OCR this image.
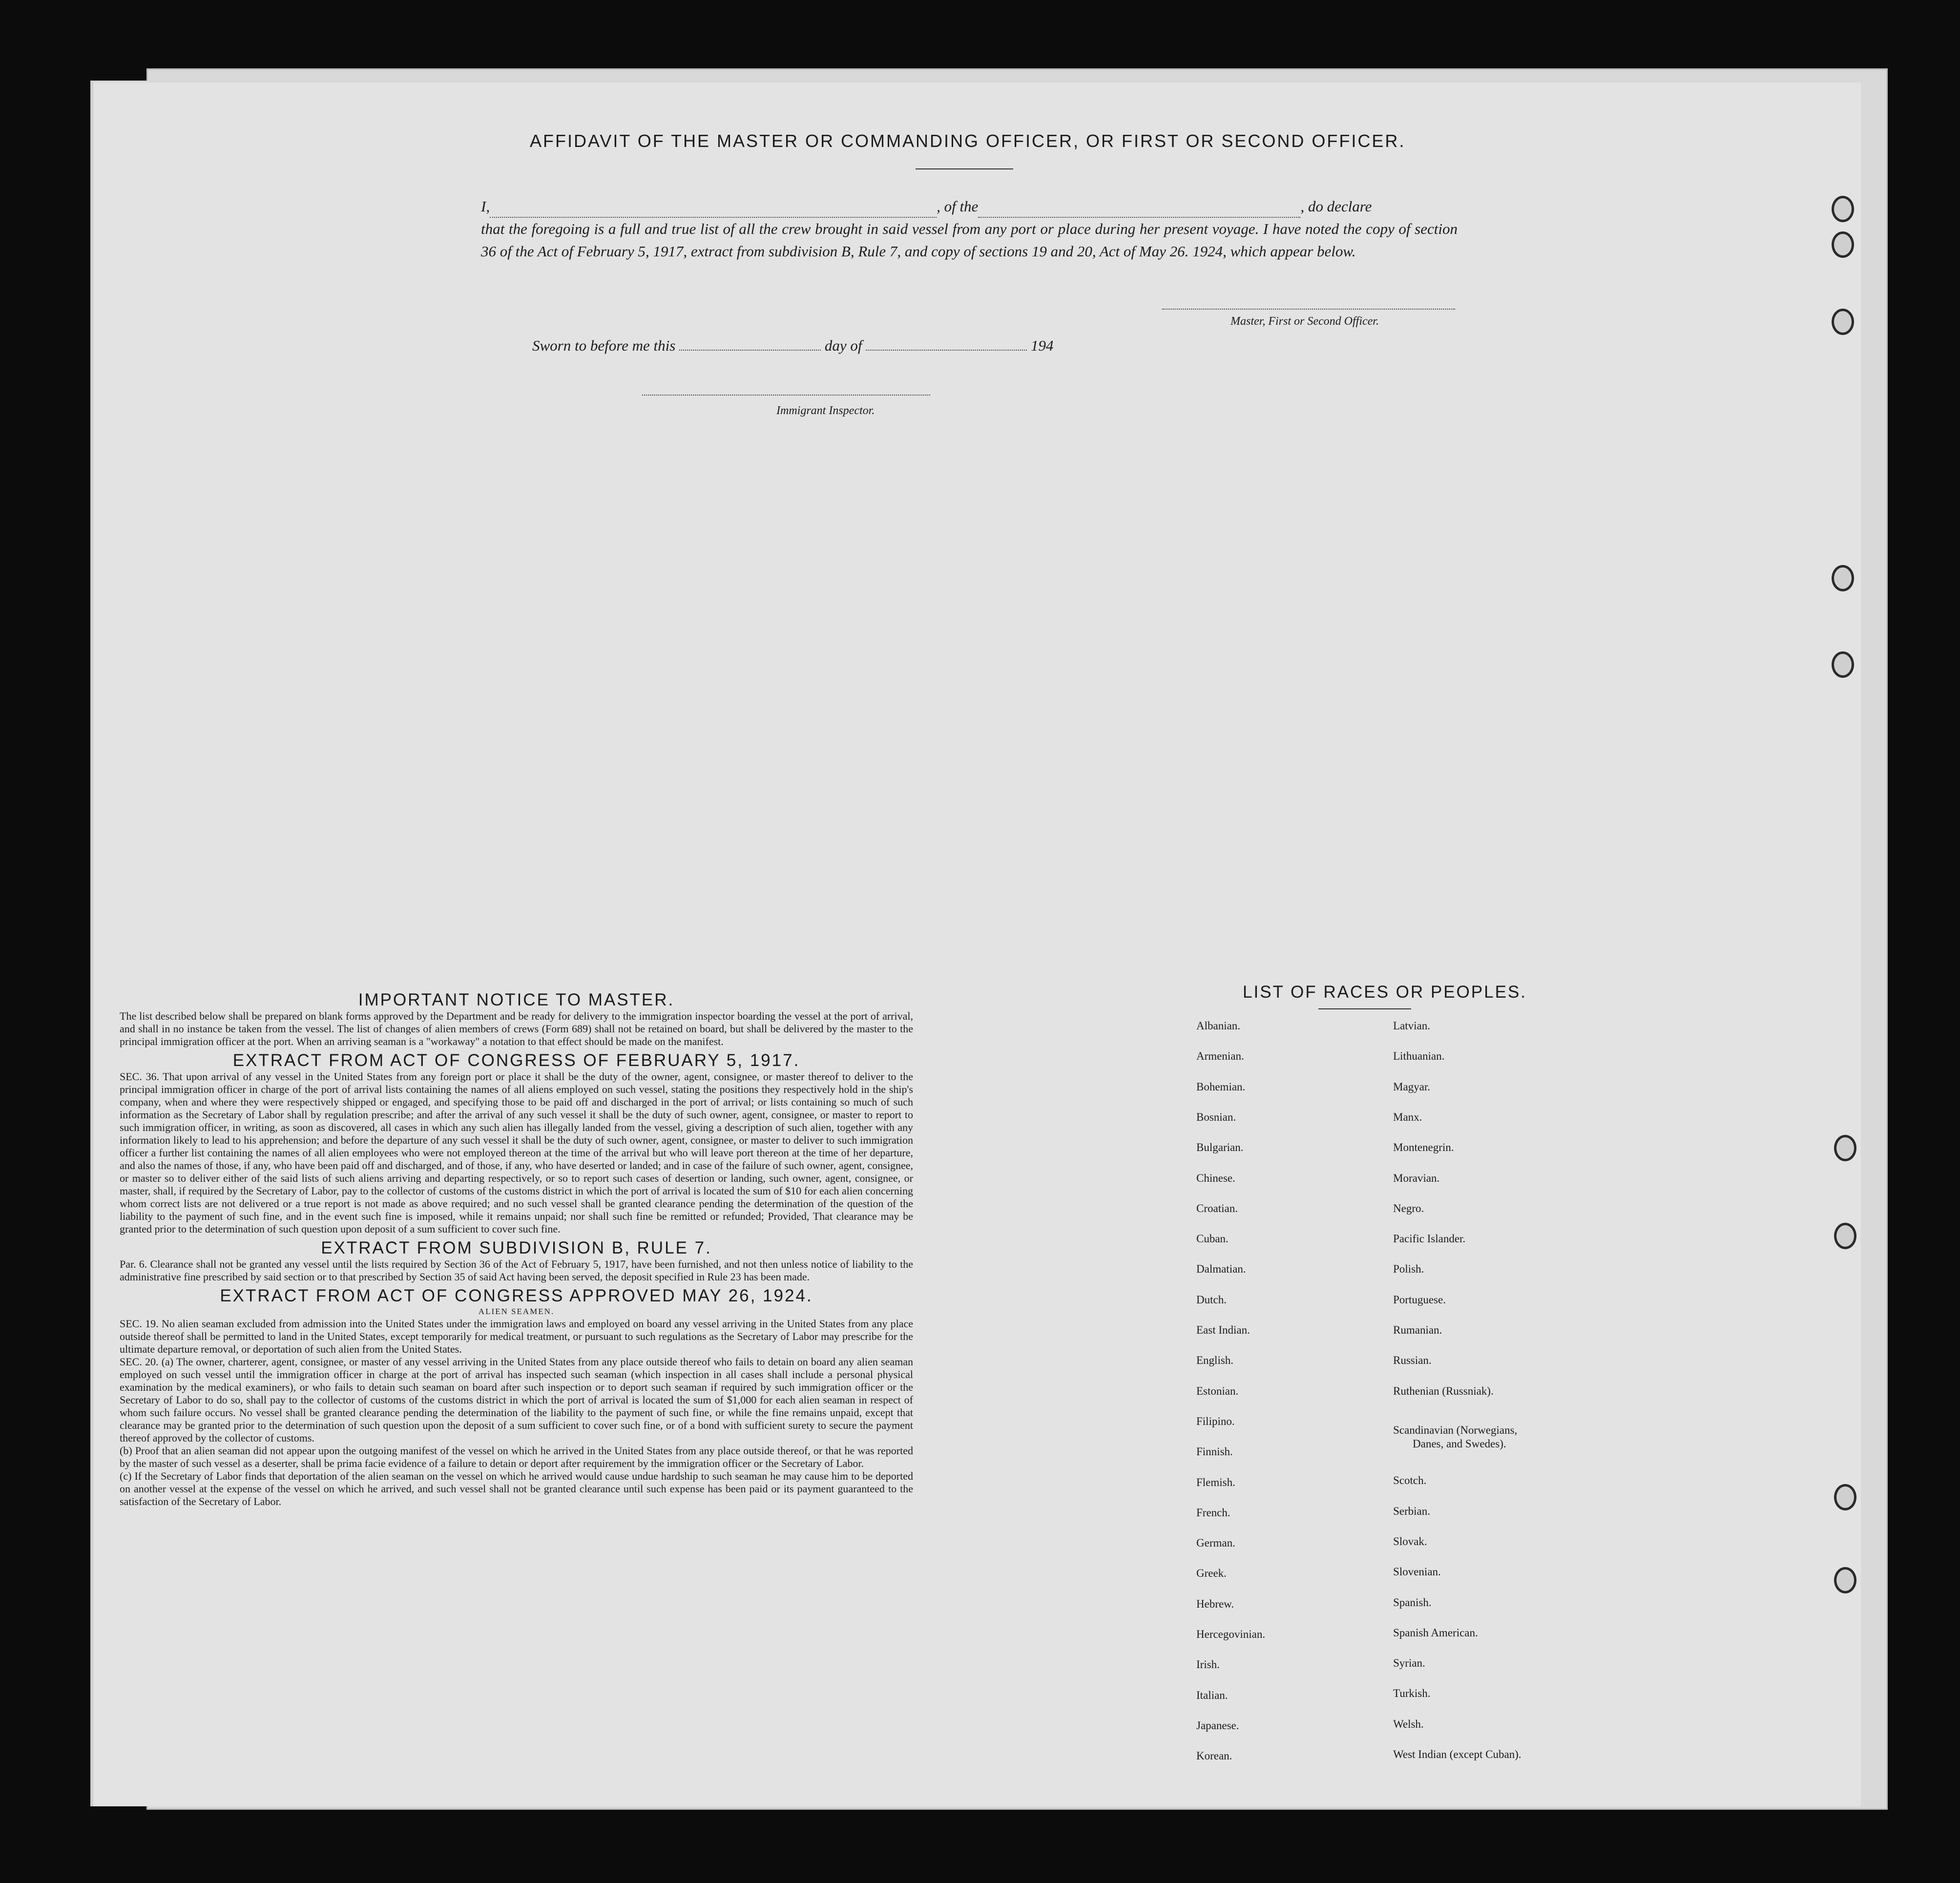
AFFIDAVIT OF THE MASTER OR COMMANDING OFFICER, OR FIRST OR SECOND OFFICER.
I,	, of the	, do declare
that the foregoing is a full and true list of all the crew brought in said vessel from any port or place during her present voyage. I have noted the copy of section 36 of the Act of February 5, 1917, extract from subdivision B, Rule 7, and copy of sections 19 and 20, Act of May 26. 1924, which appear below.
Master, First or Second Officer.
Sworn to before me this	day of	194
Immigrant Inspector.

IMPORTANT NOTICE TO MASTER.

The list described below shall be prepared on blank forms approved by the Department and be ready for delivery to the immigration inspector boarding the vessel at the port of arrival, and shall in no instance be taken from the vessel. The list of changes of alien members of crews (Form 689) shall not be retained on board, but shall be delivered by the master to the principal immigration officer at the port. When an arriving seaman is a "workaway" a notation to that effect should be made on the manifest.

EXTRACT FROM ACT OF CONGRESS OF FEBRUARY 5, 1917.

SEC. 36. That upon arrival of any vessel in the United States from any foreign port or place it shall be the duty of the owner, agent, consignee, or master thereof to deliver to the principal immigration officer in charge of the port of arrival lists containing the names of all aliens employed on such vessel, stating the positions they respectively hold in the ship's company, when and where they were respectively shipped or engaged, and specifying those to be paid off and discharged in the port of arrival; or lists containing so much of such information as the Secretary of Labor shall by regulation prescribe; and after the arrival of any such vessel it shall be the duty of such owner, agent, consignee, or master to report to such immigration officer, in writing, as soon as discovered, all cases in which any such alien has illegally landed from the vessel, giving a description of such alien, together with any information likely to lead to his apprehension; and before the departure of any such vessel it shall be the duty of such owner, agent, consignee, or master to deliver to such immigration officer a further list containing the names of all alien employees who were not employed thereon at the time of the arrival but who will leave port thereon at the time of her departure, and also the names of those, if any, who have been paid off and discharged, and of those, if any, who have deserted or landed; and in case of the failure of such owner, agent, consignee, or master so to deliver either of the said lists of such aliens arriving and departing respectively, or so to report such cases of desertion or landing, such owner, agent, consignee, or master, shall, if required by the Secretary of Labor, pay to the collector of customs of the customs district in which the port of arrival is located the sum of $10 for each alien concerning whom correct lists are not delivered or a true report is not made as above required; and no such vessel shall be granted clearance pending the determination of the question of the liability to the payment of such fine, and in the event such fine is imposed, while it remains unpaid; nor shall such fine be remitted or refunded; Provided, That clearance may be granted prior to the determination of such question upon deposit of a sum sufficient to cover such fine.

EXTRACT FROM SUBDIVISION B, RULE 7.

Par. 6. Clearance shall not be granted any vessel until the lists required by Section 36 of the Act of February 5, 1917, have been furnished, and not then unless notice of liability to the administrative fine prescribed by said section or to that prescribed by Section 35 of said Act having been served, the deposit specified in Rule 23 has been made.

EXTRACT FROM ACT OF CONGRESS APPROVED MAY 26, 1924.

ALIEN SEAMEN.

SEC. 19. No alien seaman excluded from admission into the United States under the immigration laws and employed on board any vessel arriving in the United States from any place outside thereof shall be permitted to land in the United States, except temporarily for medical treatment, or pursuant to such regulations as the Secretary of Labor may prescribe for the ultimate departure removal, or deportation of such alien from the United States.

SEC. 20. (a) The owner, charterer, agent, consignee, or master of any vessel arriving in the United States from any place outside thereof who fails to detain on board any alien seaman employed on such vessel until the immigration officer in charge at the port of arrival has inspected such seaman (which inspection in all cases shall include a personal physical examination by the medical examiners), or who fails to detain such seaman on board after such inspection or to deport such seaman if required by such immigration officer or the Secretary of Labor to do so, shall pay to the collector of customs of the customs district in which the port of arrival is located the sum of $1,000 for each alien seaman in respect of whom such failure occurs. No vessel shall be granted clearance pending the determination of the liability to the payment of such fine, or while the fine remains unpaid, except that clearance may be granted prior to the determination of such question upon the deposit of a sum sufficient to cover such fine, or of a bond with sufficient surety to secure the payment thereof approved by the collector of customs.

(b) Proof that an alien seaman did not appear upon the outgoing manifest of the vessel on which he arrived in the United States from any place outside thereof, or that he was reported by the master of such vessel as a deserter, shall be prima facie evidence of a failure to detain or deport after requirement by the immigration officer or the Secretary of Labor.

(c) If the Secretary of Labor finds that deportation of the alien seaman on the vessel on which he arrived would cause undue hardship to such seaman he may cause him to be deported on another vessel at the expense of the vessel on which he arrived, and such vessel shall not be granted clearance until such expense has been paid or its payment guaranteed to the satisfaction of the Secretary of Labor.

LIST OF RACES OR PEOPLES.
Albanian.
Armenian.
Bohemian.
Bosnian.
Bulgarian.
Chinese.
Croatian.
Cuban.
Dalmatian.
Dutch.
East Indian.
English.
Estonian.
Filipino.
Finnish.
Flemish.
French.
German.
Greek.
Hebrew.
Hercegovinian.
Irish.
Italian.
Japanese.
Korean.
Latvian.
Lithuanian.
Magyar.
Manx.
Montenegrin.
Moravian.
Negro.
Pacific Islander.
Polish.
Portuguese.
Rumanian.
Russian.
Ruthenian (Russniak).
Scandinavian (Norwegians,
Danes, and Swedes).
Scotch.
Serbian.
Slovak.
Slovenian.
Spanish.
Spanish American.
Syrian.
Turkish.
Welsh.
West Indian (except Cuban).
